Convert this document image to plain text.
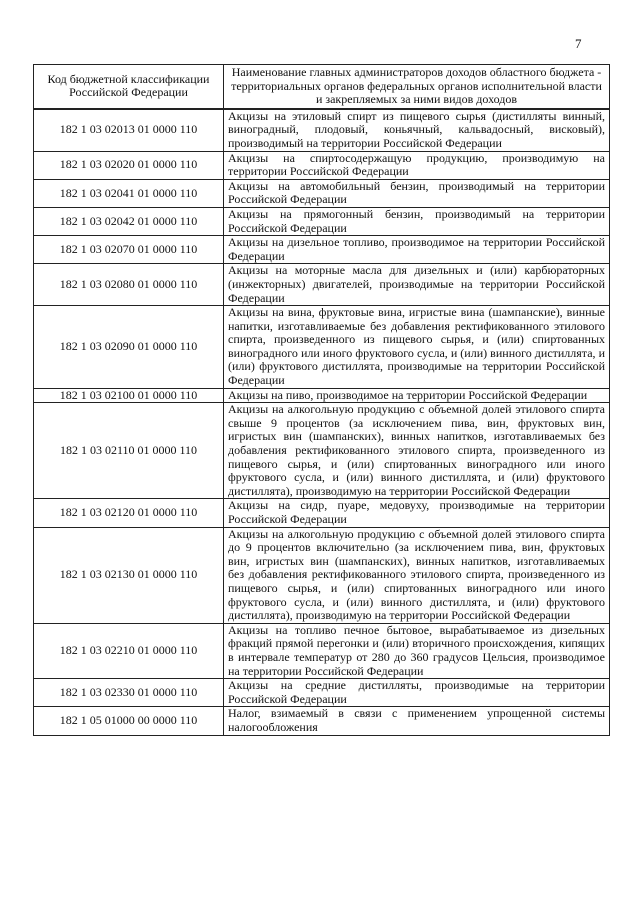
7
Код бюджетной классификации Российской Федерации	Наименование главных администраторов доходов областного бюджета - территориальных органов федеральных органов исполнительной власти и закрепляемых за ними видов доходов
182 1 03 02013 01 0000 110	Акцизы на этиловый спирт из пищевого сырья (дистилляты винный, виноградный, плодовый, коньячный, кальвадосный, висковый), производимый на территории Российской Федерации
182 1 03 02020 01 0000 110	Акцизы на спиртосодержащую продукцию, производимую на территории Российской Федерации
182 1 03 02041 01 0000 110	Акцизы на автомобильный бензин, производимый на территории Российской Федерации
182 1 03 02042 01 0000 110	Акцизы на прямогонный бензин, производимый на территории Российской Федерации
182 1 03 02070 01 0000 110	Акцизы на дизельное топливо, производимое на территории Российской Федерации
182 1 03 02080 01 0000 110	Акцизы на моторные масла для дизельных и (или) карбюраторных (инжекторных) двигателей, производимые на территории Российской Федерации
182 1 03 02090 01 0000 110	Акцизы на вина, фруктовые вина, игристые вина (шампанские), винные напитки, изготавливаемые без добавления ректификованного этилового спирта, произведенного из пищевого сырья, и (или) спиртованных виноградного или иного фруктового сусла, и (или) винного дистиллята, и (или) фруктового дистиллята, производимые на территории Российской Федерации
182 1 03 02100 01 0000 110	Акцизы на пиво, производимое на территории Российской Федерации
182 1 03 02110 01 0000 110	Акцизы на алкогольную продукцию с объемной долей этилового спирта свыше 9 процентов (за исключением пива, вин, фруктовых вин, игристых вин (шампанских), винных напитков, изготавливаемых без добавления ректификованного этилового спирта, произведенного из пищевого сырья, и (или) спиртованных виноградного или иного фруктового сусла, и (или) винного дистиллята, и (или) фруктового дистиллята), производимую на территории Российской Федерации
182 1 03 02120 01 0000 110	Акцизы на сидр, пуаре, медовуху, производимые на территории Российской Федерации
182 1 03 02130 01 0000 110	Акцизы на алкогольную продукцию с объемной долей этилового спирта до 9 процентов включительно (за исключением пива, вин, фруктовых вин, игристых вин (шампанских), винных напитков, изготавливаемых без добавления ректификованного этилового спирта, произведенного из пищевого сырья, и (или) спиртованных виноградного или иного фруктового сусла, и (или) винного дистиллята, и (или) фруктового дистиллята), производимую на территории Российской Федерации
182 1 03 02210 01 0000 110	Акцизы на топливо печное бытовое, вырабатываемое из дизельных фракций прямой перегонки и (или) вторичного происхождения, кипящих в интервале температур от 280 до 360 градусов Цельсия, производимое на территории Российской Федерации
182 1 03 02330 01 0000 110	Акцизы на средние дистилляты, производимые на территории Российской Федерации
182 1 05 01000 00 0000 110	Налог, взимаемый в связи с применением упрощенной системы налогообложения
